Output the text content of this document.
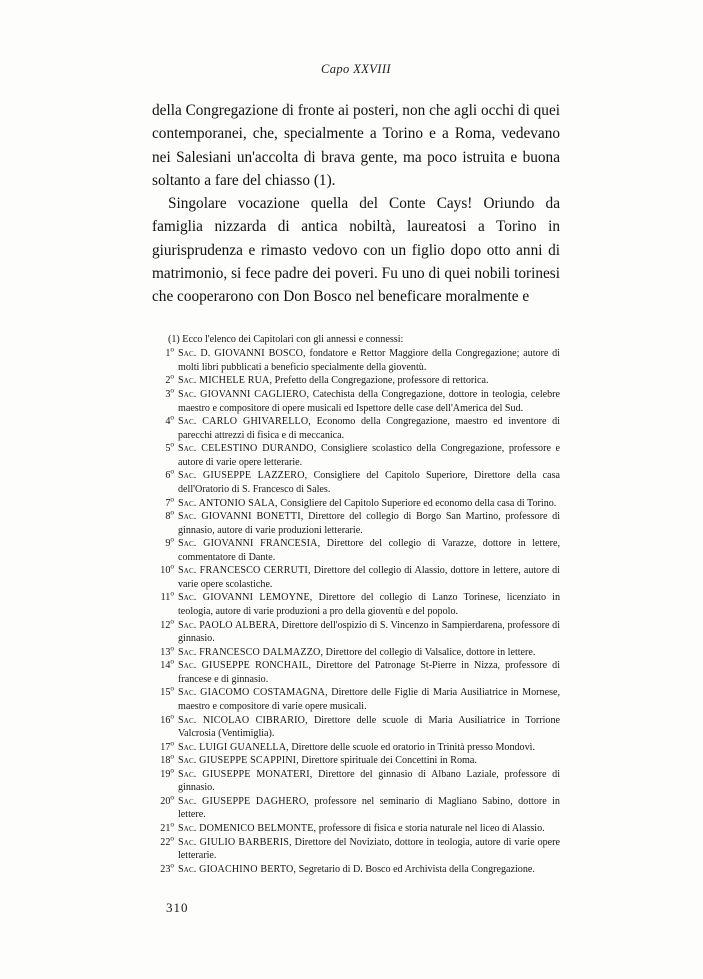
Capo XXVIII

della Congregazione di fronte ai posteri, non che agli occhi di quei contemporanei, che, specialmente a Torino e a Roma, vedevano nei Salesiani un'accolta di brava gente, ma poco istruita e buona soltanto a fare del chiasso (1).

Singolare vocazione quella del Conte Cays! Oriundo da famiglia nizzarda di antica nobiltà, laureatosi a Torino in giurisprudenza e rimasto vedovo con un figlio dopo otto anni di matrimonio, si fece padre dei poveri. Fu uno di quei nobili torinesi che cooperarono con Don Bosco nel beneficare moralmente e

(1) Ecco l'elenco dei Capitolari con gli annessi e connessi:

1$^o$ Sac. D. GIOVANNI BOSCO, fondatore e Rettor Maggiore della Congregazione; autore di molti libri pubblicati a beneficio specialmente della gioventù.
2$^o$ Sac. MICHELE RUA, Prefetto della Congregazione, professore di rettorica.
3$^o$ Sac. GIOVANNI CAGLIERO, Catechista della Congregazione, dottore in teologia, celebre maestro e compositore di opere musicali ed Ispettore delle case dell'America del Sud.
4$^o$ Sac. CARLO GHIVARELLO, Economo della Congregazione, maestro ed inventore di parecchi attrezzi di fisica e di meccanica.
5$^o$ Sac. CELESTINO DURANDO, Consigliere scolastico della Congregazione, professore e autore di varie opere letterarie.
6$^o$ Sac. GIUSEPPE LAZZERO, Consigliere del Capitolo Superiore, Direttore della casa dell'Oratorio di S. Francesco di Sales.
7$^o$ Sac. ANTONIO SALA, Consigliere del Capitolo Superiore ed economo della casa di Torino.
8$^o$ Sac. GIOVANNI BONETTI, Direttore del collegio di Borgo San Martino, professore di ginnasio, autore di varie produzioni letterarie.
9$^o$ Sac. GIOVANNI FRANCESIA, Direttore del collegio di Varazze, dottore in lettere, commentatore di Dante.
10$^o$ Sac. FRANCESCO CERRUTI, Direttore del collegio di Alassio, dottore in lettere, autore di varie opere scolastiche.
11$^o$ Sac. GIOVANNI LEMOYNE, Direttore del collegio di Lanzo Torinese, licenziato in teologia, autore di varie produzioni a pro della gioventù e del popolo.
12$^o$ Sac. PAOLO ALBERA, Direttore dell'ospizio di S. Vincenzo in Sampierdarena, professore di ginnasio.
13$^o$ Sac. FRANCESCO DALMAZZO, Direttore del collegio di Valsalice, dottore in lettere.
14$^o$ Sac. GIUSEPPE RONCHAIL, Direttore del Patronage St-Pierre in Nizza, professore di francese e di ginnasio.
15$^o$ Sac. GIACOMO COSTAMAGNA, Direttore delle Figlie di Maria Ausiliatrice in Mornese, maestro e compositore di varie opere musicali.
16$^o$ Sac. NICOLAO CIBRARIO, Direttore delle scuole di Maria Ausiliatrice in Torrione Valcrosia (Ventimiglia).
17$^o$ Sac. LUIGI GUANELLA, Direttore delle scuole ed oratorio in Trinità presso Mondovì.
18$^o$ Sac. GIUSEPPE SCAPPINI, Direttore spirituale dei Concettini in Roma.
19$^o$ Sac. GIUSEPPE MONATERI, Direttore del ginnasio di Albano Laziale, professore di ginnasio.
20$^o$ Sac. GIUSEPPE DAGHERO, professore nel seminario di Magliano Sabino, dottore in lettere.
21$^o$ Sac. DOMENICO BELMONTE, professore di fisica e storia naturale nel liceo di Alassio.
22$^o$ Sac. GIULIO BARBERIS, Direttore del Noviziato, dottore in teologia, autore di varie opere letterarie.
23$^o$ Sac. GIOACHINO BERTO, Segretario di D. Bosco ed Archivista della Congregazione.
310
